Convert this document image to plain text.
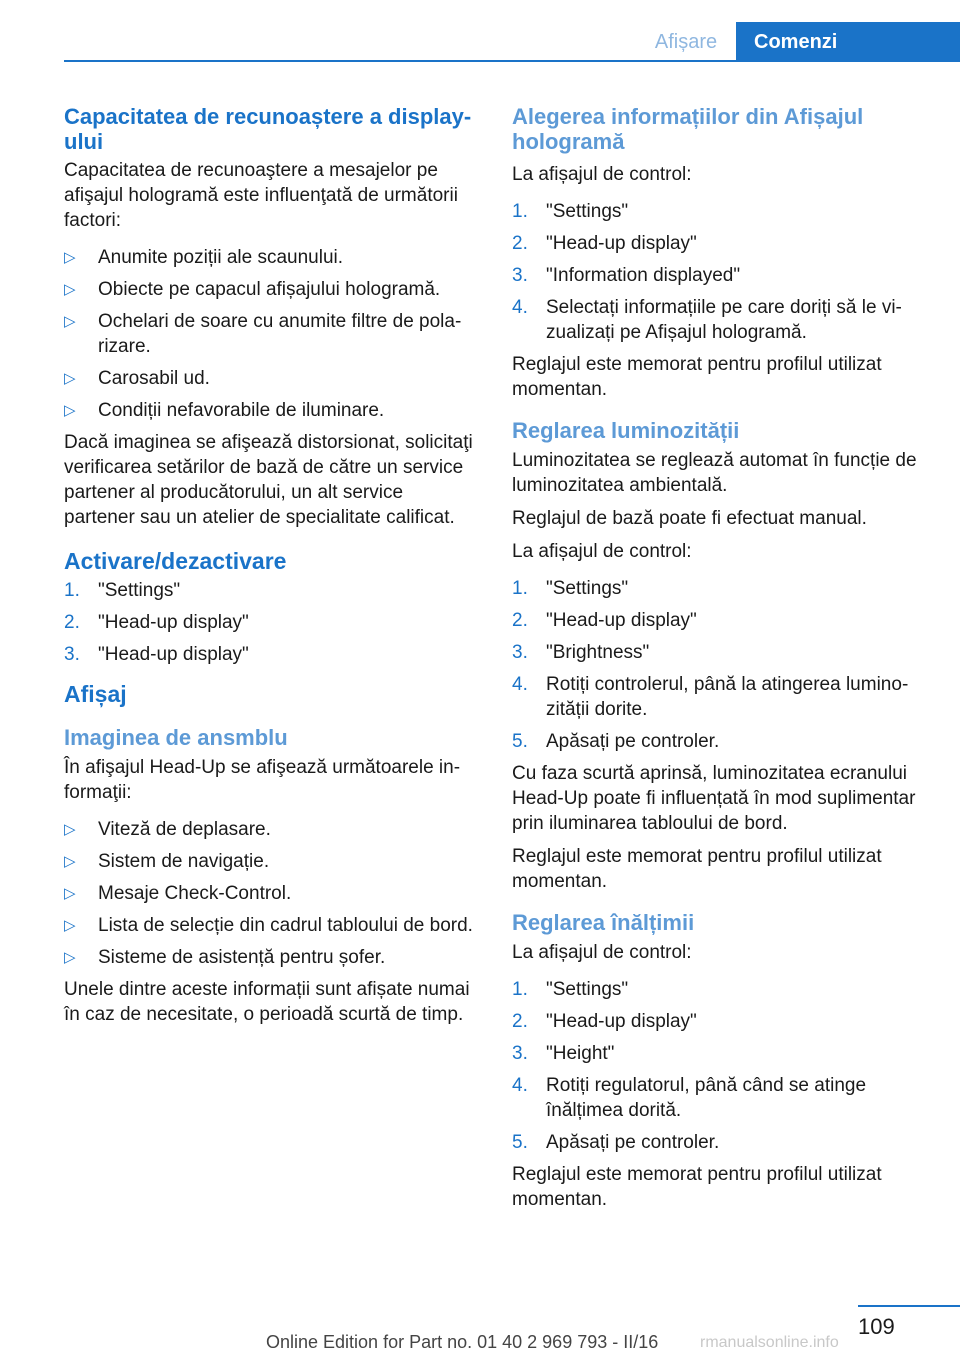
Afișare	Comenzi
Capacitatea de recunoaștere a display-ului

Capacitatea de recunoaştere a mesajelor pe afişajul hologramă este influenţată de următorii factori:

▷ Anumite poziții ale scaunului.
▷ Obiecte pe capacul afișajului hologramă.
▷ Ochelari de soare cu anumite filtre de polarizare.
▷ Carosabil ud.
▷ Condiții nefavorabile de iluminare.

Dacă imaginea se afişează distorsionat, solicitaţi verificarea setărilor de bază de către un service partener al producătorului, un alt service partener sau un atelier de specialitate calificat.

Activare/dezactivare
1. "Settings"
2. "Head-up display"
3. "Head-up display"
Afișaj
Imaginea de ansmblu

În afişajul Head-Up se afişează următoarele informaţii:

▷ Viteză de deplasare.
▷ Sistem de navigație.
▷ Mesaje Check-Control.
▷ Lista de selecție din cadrul tabloului de bord.
▷ Sisteme de asistență pentru șofer.

Unele dintre aceste informații sunt afișate numai în caz de necesitate, o perioadă scurtă de timp.

Alegerea informațiilor din Afișajul hologramă

La afișajul de control:

1. "Settings"
2. "Head-up display"
3. "Information displayed"
4. Selectați informațiile pe care doriți să le vizualizați pe Afișajul hologramă.

Reglajul este memorat pentru profilul utilizat momentan.

Reglarea luminozității

Luminozitatea se reglează automat în funcție de luminozitatea ambientală.

Reglajul de bază poate fi efectuat manual.

La afișajul de control:

1. "Settings"
2. "Head-up display"
3. "Brightness"
4. Rotiți controlerul, până la atingerea luminozității dorite.
5. Apăsați pe controler.

Cu faza scurtă aprinsă, luminozitatea ecranului Head-Up poate fi influențată în mod suplimentar prin iluminarea tabloului de bord.

Reglajul este memorat pentru profilul utilizat momentan.

Reglarea înălțimii

La afișajul de control:

1. "Settings"
2. "Head-up display"
3. "Height"
4. Rotiți regulatorul, până când se atinge înălțimea dorită.
5. Apăsați pe controler.

Reglajul este memorat pentru profilul utilizat momentan.

109
Online Edition for Part no. 01 40 2 969 793 - II/16	rmanualsonline.info
